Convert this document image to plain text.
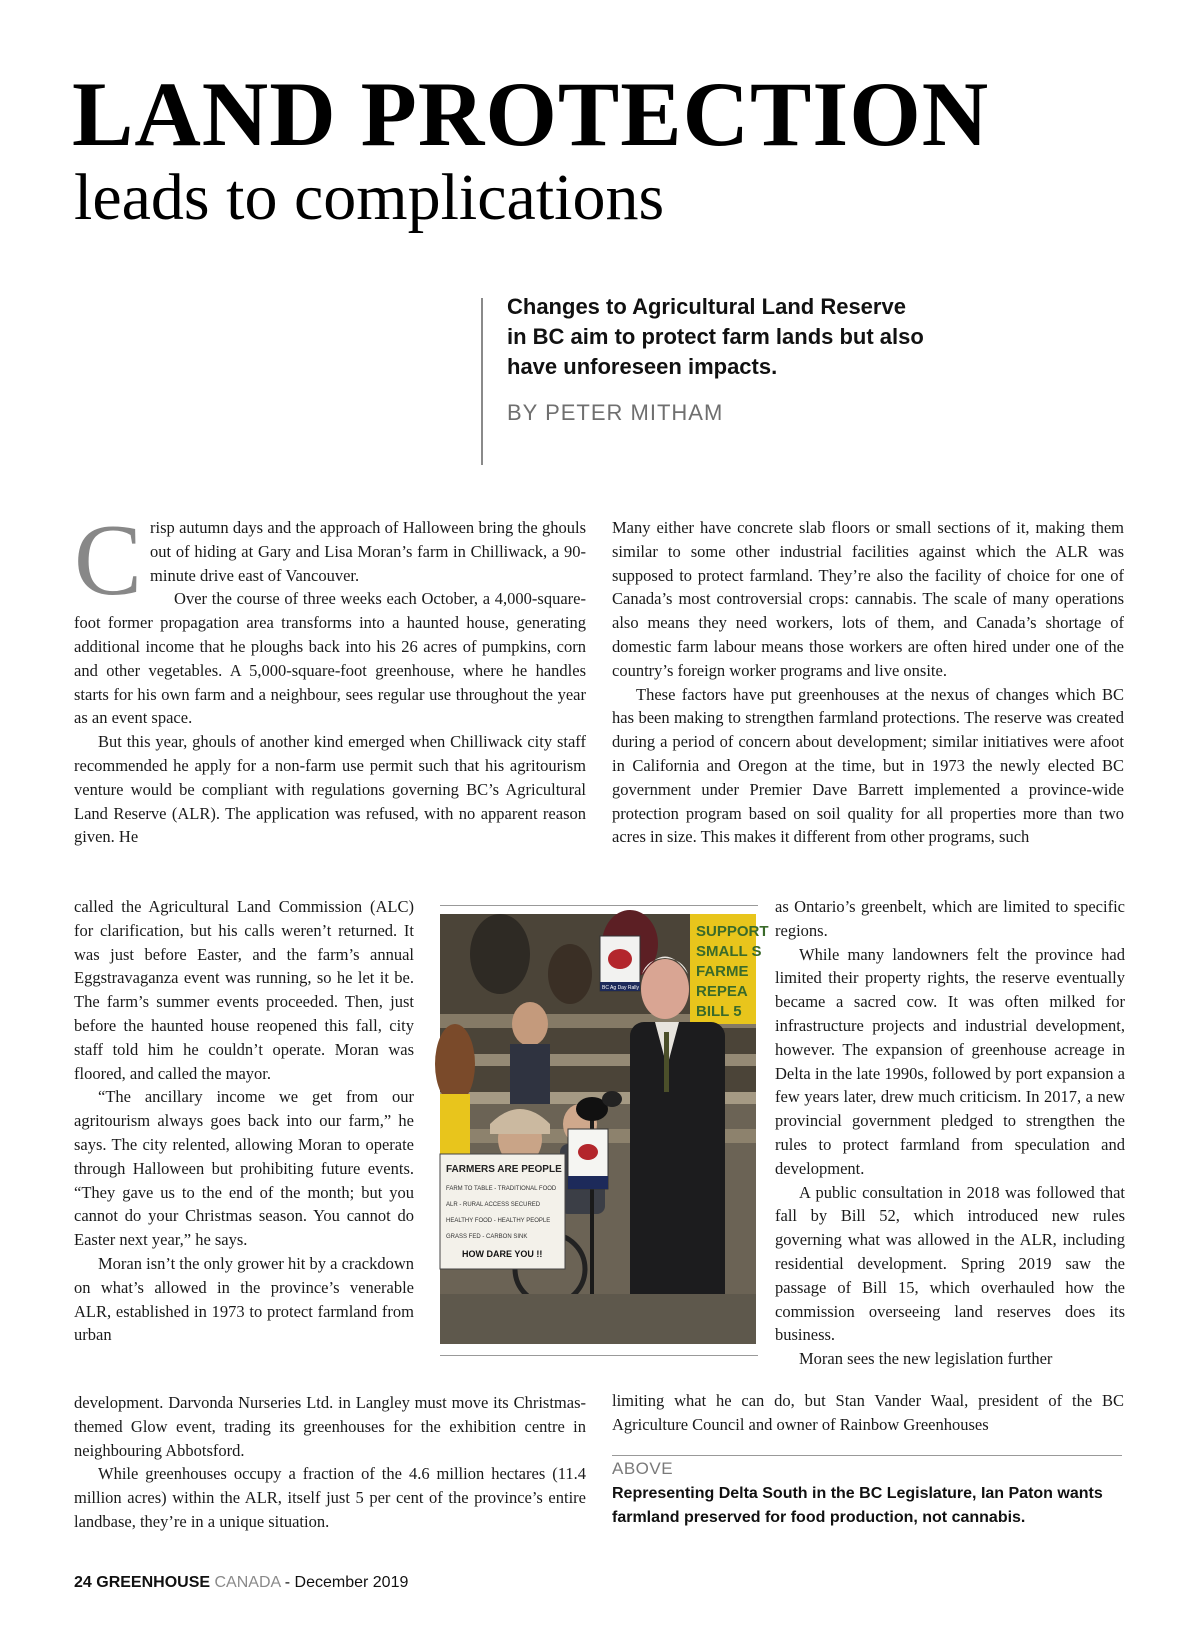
LAND PROTECTION
leads to complications

Changes to Agricultural Land Reserve in BC aim to protect farm lands but also have unforeseen impacts.

BY PETER MITHAM

Crisp autumn days and the approach of Halloween bring the ghouls out of hiding at Gary and Lisa Moran’s farm in Chilliwack, a 90-minute drive east of Vancouver.

Over the course of three weeks each October, a 4,000-square-foot former propagation area transforms into a haunted house, generating additional income that he ploughs back into his 26 acres of pumpkins, corn and other vegetables. A 5,000-square-foot greenhouse, where he handles starts for his own farm and a neighbour, sees regular use throughout the year as an event space.

But this year, ghouls of another kind emerged when Chilliwack city staff recommended he apply for a non-farm use permit such that his agritourism venture would be compliant with regulations governing BC’s Agricultural Land Reserve (ALR). The application was refused, with no apparent reason given. He

called the Agricultural Land Commission (ALC) for clarification, but his calls weren’t returned. It was just before Easter, and the farm’s annual Eggstravaganza event was running, so he let it be. The farm’s summer events proceeded. Then, just before the haunted house reopened this fall, city staff told him he couldn’t operate. Moran was floored, and called the mayor.

“The ancillary income we get from our agritourism always goes back into our farm,” he says. The city relented, allowing Moran to operate through Halloween but prohibiting future events. “They gave us to the end of the month; but you cannot do your Christmas season. You cannot do Easter next year,” he says.

Moran isn’t the only grower hit by a crackdown on what’s allowed in the province’s venerable ALR, established in 1973 to protect farmland from urban

development. Darvonda Nurseries Ltd. in Langley must move its Christmas-themed Glow event, trading its greenhouses for the exhibition centre in neighbouring Abbotsford.

While greenhouses occupy a fraction of the 4.6 million hectares (11.4 million acres) within the ALR, itself just 5 per cent of the province’s entire landbase, they’re in a unique situation.

Many either have concrete slab floors or small sections of it, making them similar to some other industrial facilities against which the ALR was supposed to protect farmland. They’re also the facility of choice for one of Canada’s most controversial crops: cannabis. The scale of many operations also means they need workers, lots of them, and Canada’s shortage of domestic farm labour means those workers are often hired under one of the country’s foreign worker programs and live onsite.

These factors have put greenhouses at the nexus of changes which BC has been making to strengthen farmland protections. The reserve was created during a period of concern about development; similar initiatives were afoot in California and Oregon at the time, but in 1973 the newly elected BC government under Premier Dave Barrett implemented a province-wide protection program based on soil quality for all properties more than two acres in size. This makes it different from other programs, such

as Ontario’s greenbelt, which are limited to specific regions.

While many landowners felt the province had limited their property rights, the reserve eventually became a sacred cow. It was often milked for infrastructure projects and industrial development, however. The expansion of greenhouse acreage in Delta in the late 1990s, followed by port expansion a few years later, drew much criticism. In 2017, a new provincial government pledged to strengthen the rules to protect farmland from speculation and development.

A public consultation in 2018 was followed that fall by Bill 52, which introduced new rules governing what was allowed in the ALR, including residential development. Spring 2019 saw the passage of Bill 15, which overhauled how the commission overseeing land reserves does its business.

Moran sees the new legislation further

limiting what he can do, but Stan Vander Waal, president of the BC Agriculture Council and owner of Rainbow Greenhouses

SUPPORT
SMALL S
FARME
REPEA
BILL 5
BC Ag Day Rally
FARMERS ARE PEOPLE
FARM TO TABLE - TRADITIONAL FOOD
ALR - RURAL ACCESS SECURED
HEALTHY FOOD - HEALTHY PEOPLE
GRASS FED - CARBON SINK
HOW DARE YOU !!

ABOVE

Representing Delta South in the BC Legislature, Ian Paton wants farmland preserved for food production, not cannabis.

24 GREENHOUSE CANADA - December 2019
